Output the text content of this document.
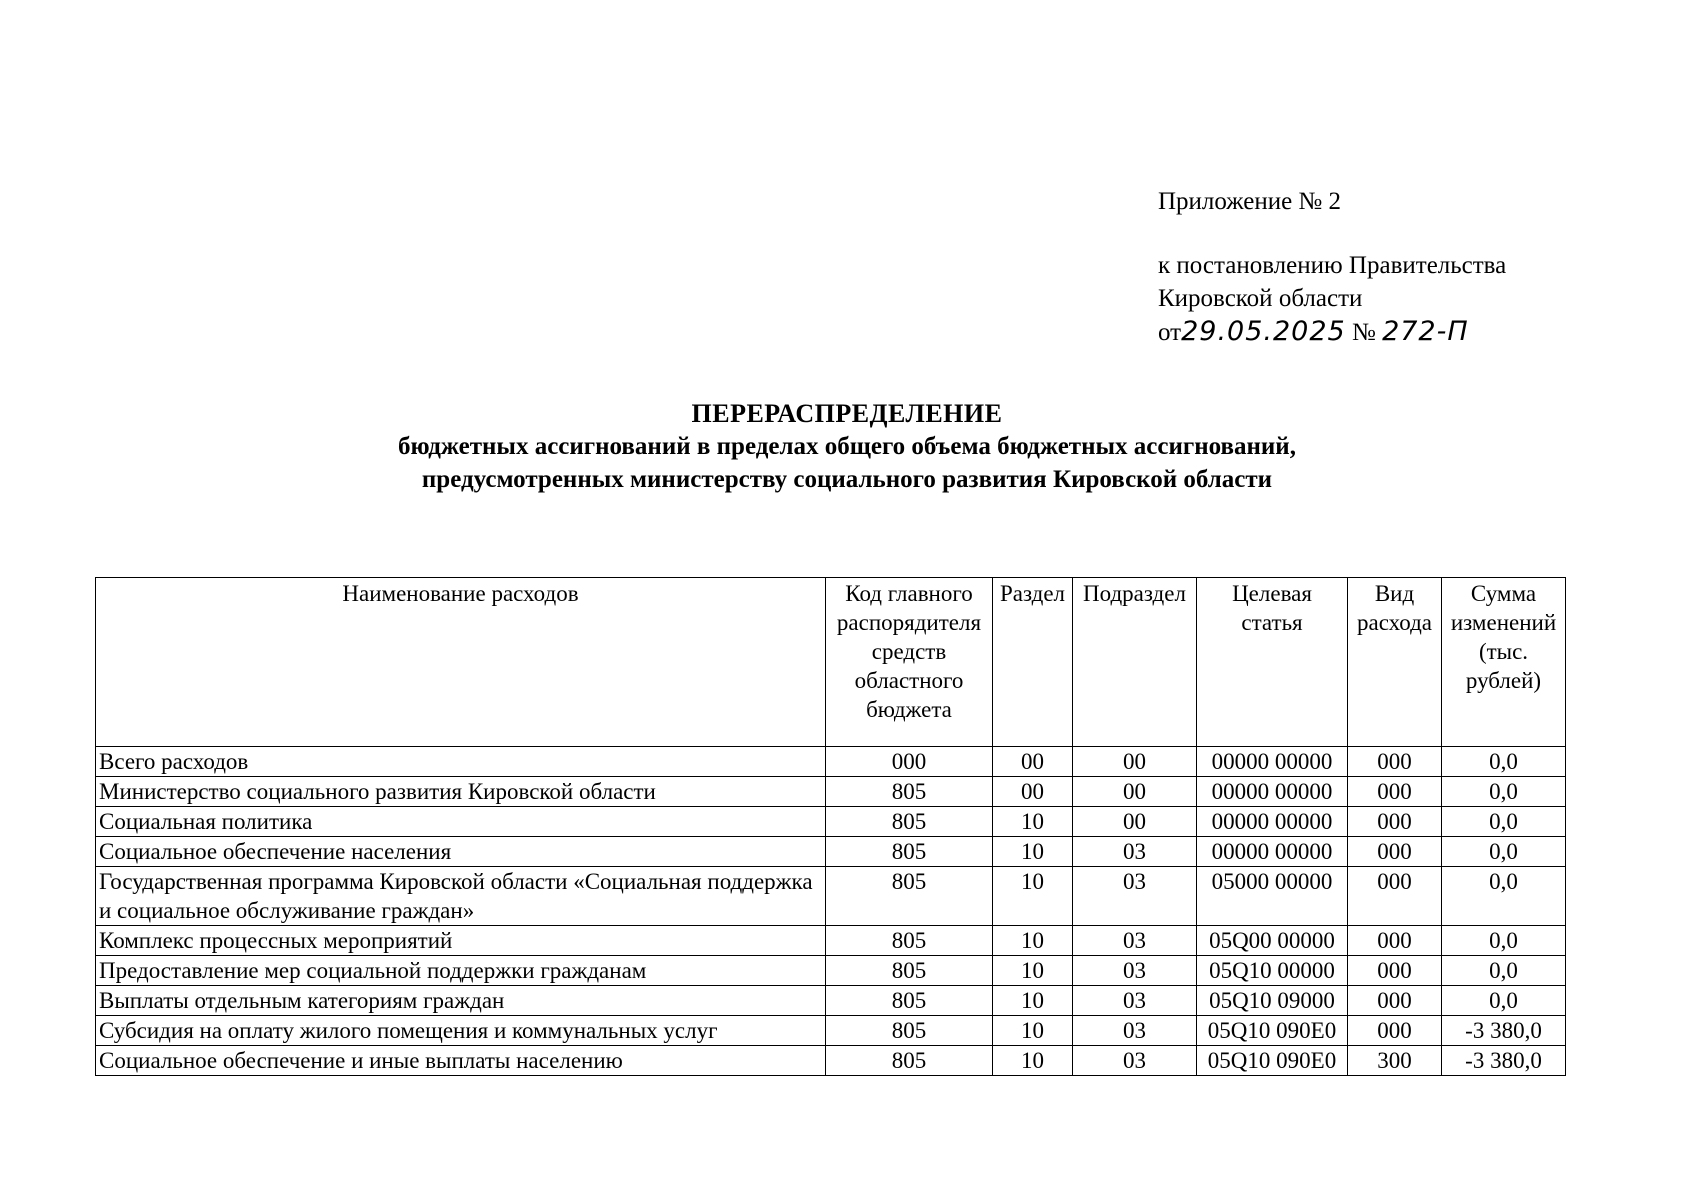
Приложение № 2
к постановлению Правительства
Кировской области
от29.05.2025 № 272-П
ПЕРЕРАСПРЕДЕЛЕНИЕ
бюджетных ассигнований в пределах общего объема бюджетных ассигнований,
предусмотренных министерству социального развития Кировской области
Наименование расходов	Код главного распорядителя средств областного бюджета	Раздел	Подраздел	Целевая статья	Вид расхода	Сумма изменений (тыс. рублей)
Всего расходов	000	00	00	00000 00000	000	0,0
Министерство социального развития Кировской области	805	00	00	00000 00000	000	0,0
Социальная политика	805	10	00	00000 00000	000	0,0
Социальное обеспечение населения	805	10	03	00000 00000	000	0,0
Государственная программа Кировской области «Социальная поддержка и социальное обслуживание граждан»	805	10	03	05000 00000	000	0,0
Комплекс процессных мероприятий	805	10	03	05Q00 00000	000	0,0
Предоставление мер социальной поддержки гражданам	805	10	03	05Q10 00000	000	0,0
Выплаты отдельным категориям граждан	805	10	03	05Q10 09000	000	0,0
Субсидия на оплату жилого помещения и коммунальных услуг	805	10	03	05Q10 090E0	000	-3 380,0
Социальное обеспечение и иные выплаты населению	805	10	03	05Q10 090E0	300	-3 380,0
